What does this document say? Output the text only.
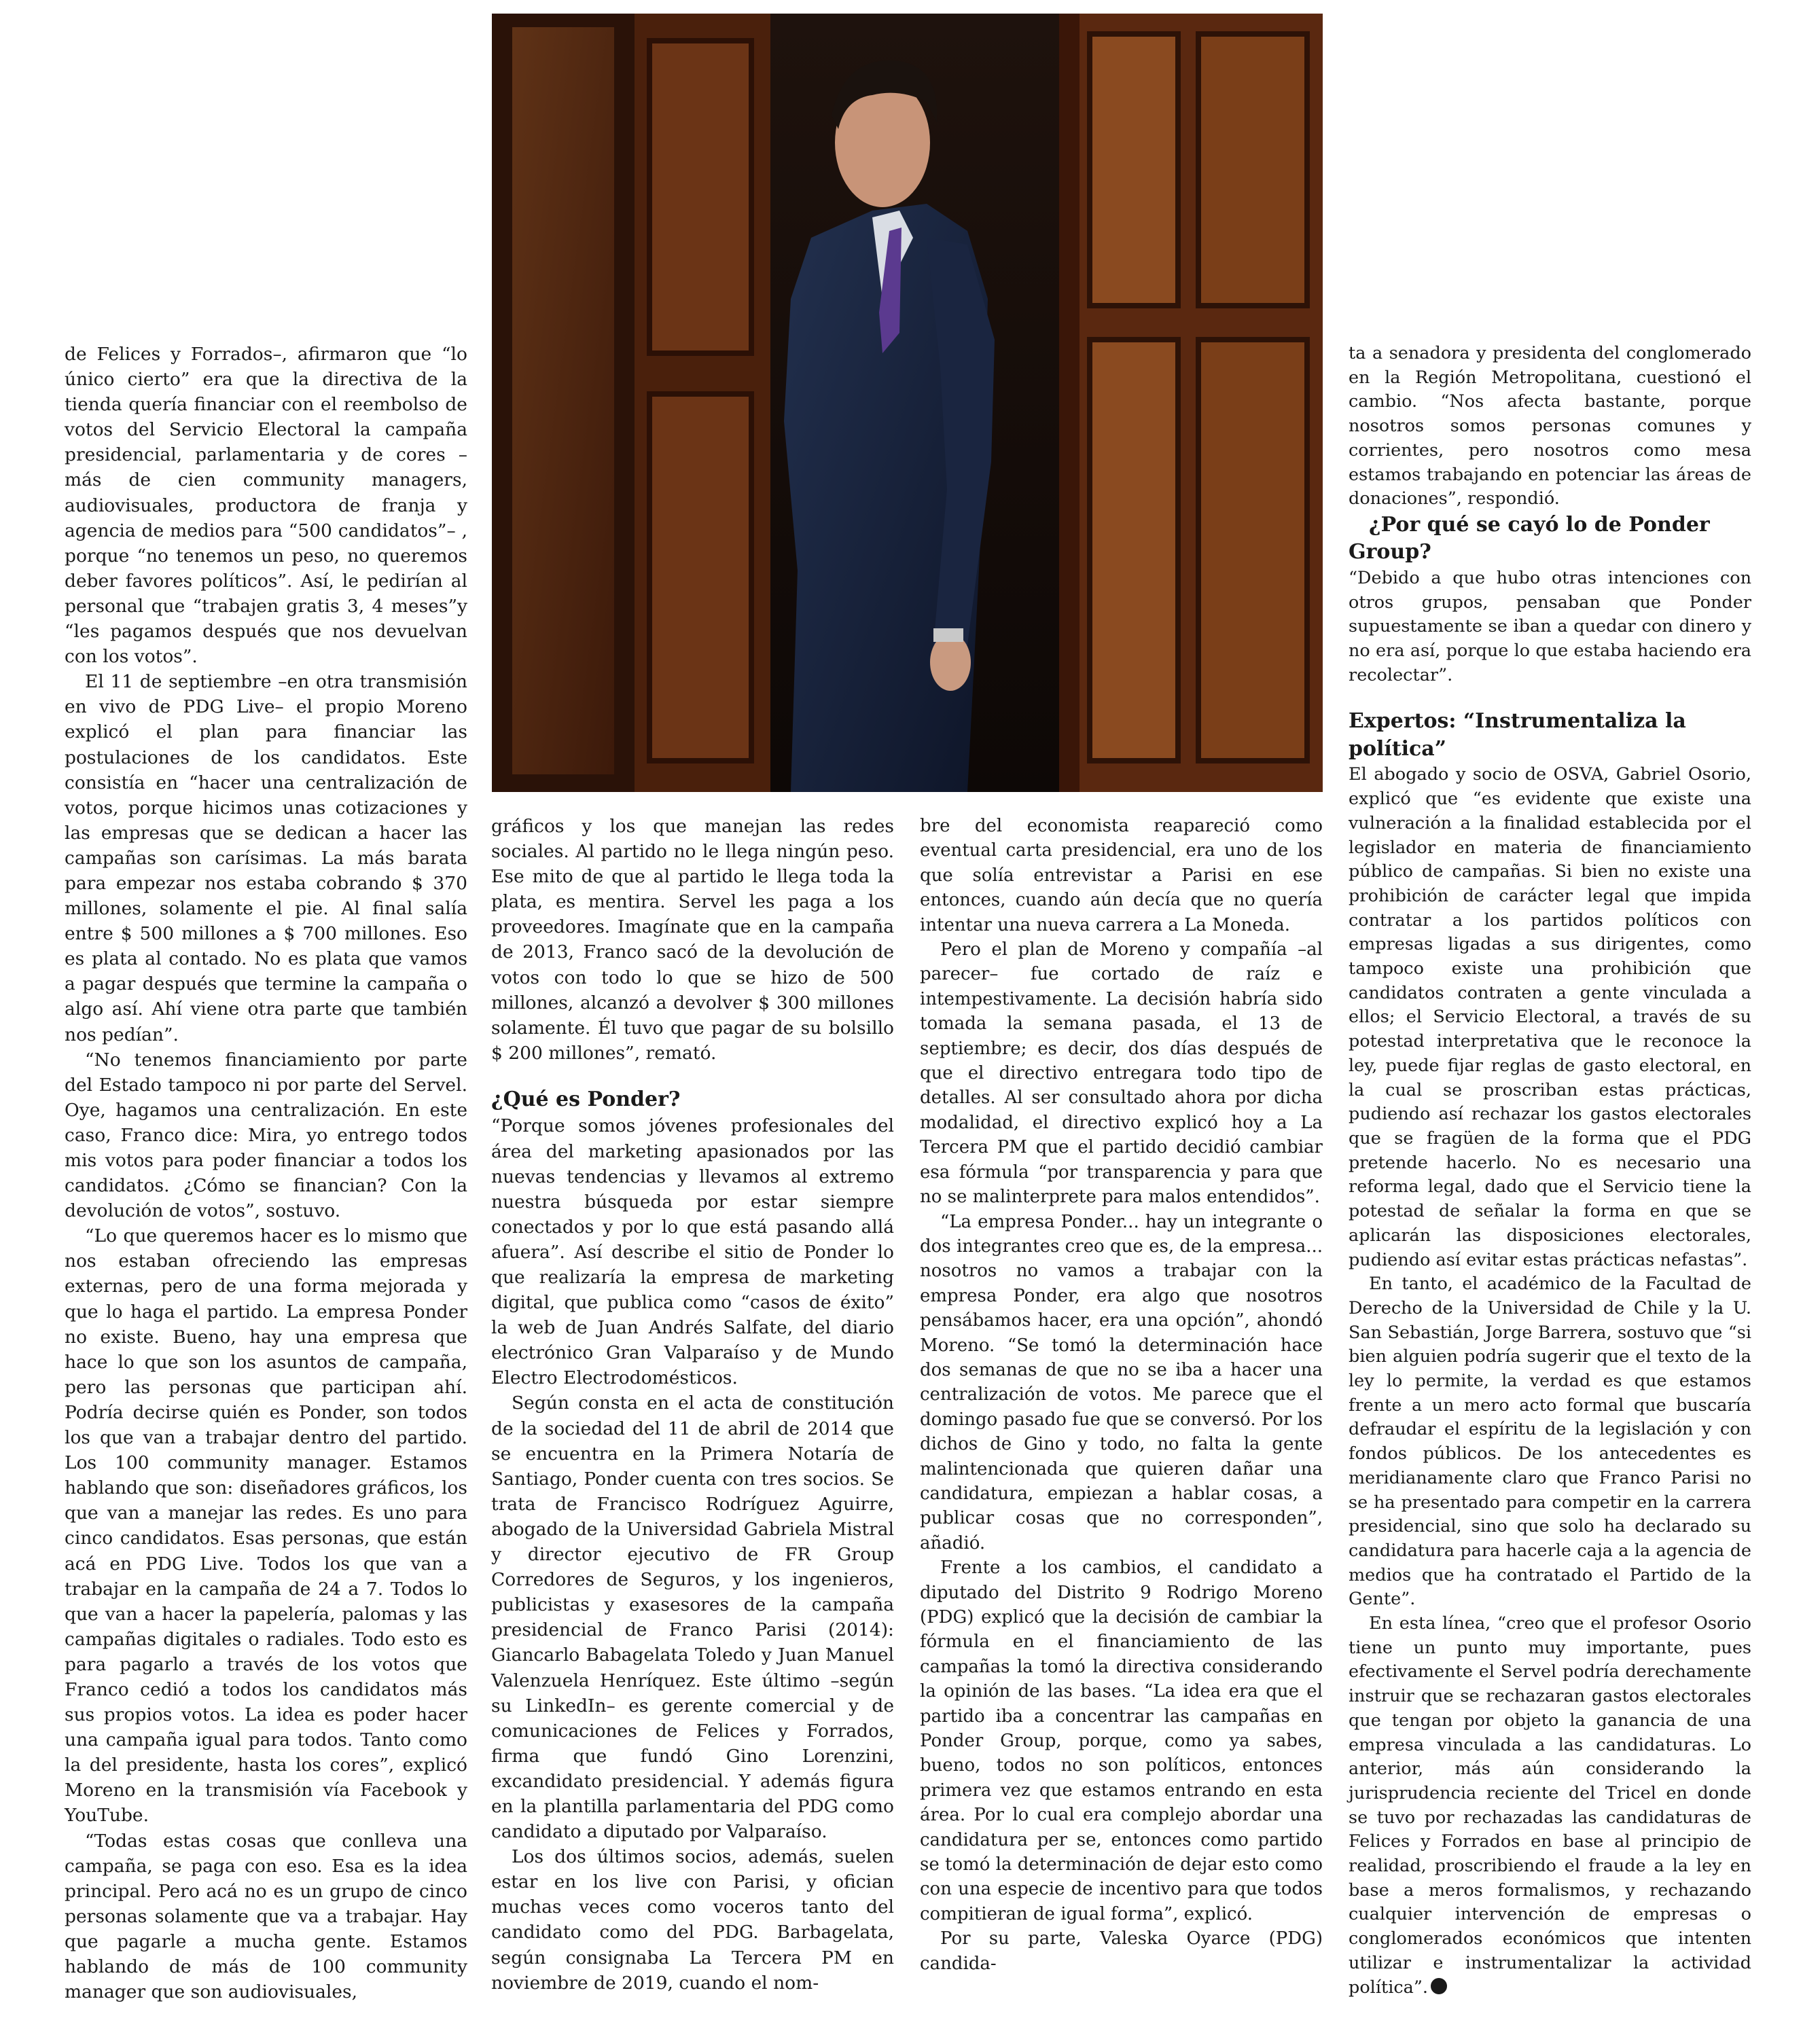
de Felices y Forrados–, afirmaron que “lo único cierto” era que la directiva de la tienda quería financiar con el reembolso de votos del Servicio Electoral la campaña presidencial, parlamentaria y de cores –más de cien community managers, audiovisuales, productora de franja y agencia de medios para “500 candidatos”– , porque “no tenemos un peso, no queremos deber favores políticos”. Así, le pedirían al personal que “trabajen gratis 3, 4 meses”y “les pagamos después que nos devuelvan con los votos”.

El 11 de septiembre –en otra transmisión en vivo de PDG Live– el propio Moreno explicó el plan para financiar las postulaciones de los candidatos. Este consistía en “hacer una centralización de votos, porque hicimos unas cotizaciones y las empresas que se dedican a hacer las campañas son carísimas. La más barata para empezar nos estaba cobrando $ 370 millones, solamente el pie. Al final salía entre $ 500 millones a $ 700 millones. Eso es plata al contado. No es plata que vamos a pagar después que termine la campaña o algo así. Ahí viene otra parte que también nos pedían”.

“No tenemos financiamiento por parte del Estado tampoco ni por parte del Servel. Oye, hagamos una centralización. En este caso, Franco dice: Mira, yo entrego todos mis votos para poder financiar a todos los candidatos. ¿Cómo se financian? Con la devolución de votos”, sostuvo.

“Lo que queremos hacer es lo mismo que nos estaban ofreciendo las empresas externas, pero de una forma mejorada y que lo haga el partido. La empresa Ponder no existe. Bueno, hay una empresa que hace lo que son los asuntos de campaña, pero las personas que participan ahí. Podría decirse quién es Ponder, son todos los que van a trabajar dentro del partido. Los 100 community manager. Estamos hablando que son: diseñadores gráficos, los que van a manejar las redes. Es uno para cinco candidatos. Esas personas, que están acá en PDG Live. Todos los que van a trabajar en la campaña de 24 a 7. Todos lo que van a hacer la papelería, palomas y las campañas digitales o radiales. Todo esto es para pagarlo a través de los votos que Franco cedió a todos los candidatos más sus propios votos. La idea es poder hacer una campaña igual para todos. Tanto como la del presidente, hasta los cores”, explicó Moreno en la transmisión vía Facebook y YouTube.

“Todas estas cosas que conlleva una campaña, se paga con eso. Esa es la idea principal. Pero acá no es un grupo de cinco personas solamente que va a trabajar. Hay que pagarle a mucha gente. Estamos hablando de más de 100 community manager que son audiovisuales,

gráficos y los que manejan las redes sociales. Al partido no le llega ningún peso. Ese mito de que al partido le llega toda la plata, es mentira. Servel les paga a los proveedores. Imagínate que en la campaña de 2013, Franco sacó de la devolución de votos con todo lo que se hizo de 500 millones, alcanzó a devolver $ 300 millones solamente. Él tuvo que pagar de su bolsillo $ 200 millones”, remató.

¿Qué es Ponder?

“Porque somos jóvenes profesionales del área del marketing apasionados por las nuevas tendencias y llevamos al extremo nuestra búsqueda por estar siempre conectados y por lo que está pasando allá afuera”. Así describe el sitio de Ponder lo que realizaría la empresa de marketing digital, que publica como “casos de éxito” la web de Juan Andrés Salfate, del diario electrónico Gran Valparaíso y de Mundo Electro Electrodomésticos.

Según consta en el acta de constitución de la sociedad del 11 de abril de 2014 que se encuentra en la Primera Notaría de Santiago, Ponder cuenta con tres socios. Se trata de Francisco Rodríguez Aguirre, abogado de la Universidad Gabriela Mistral y director ejecutivo de FR Group Corredores de Seguros, y los ingenieros, publicistas y exasesores de la campaña presidencial de Franco Parisi (2014): Giancarlo Babagelata Toledo y Juan Manuel Valenzuela Henríquez. Este último –según su LinkedIn– es gerente comercial y de comunicaciones de Felices y Forrados, firma que fundó Gino Lorenzini, excandidato presidencial. Y además figura en la plantilla parlamentaria del PDG como candidato a diputado por Valparaíso.

Los dos últimos socios, además, suelen estar en los live con Parisi, y ofician muchas veces como voceros tanto del candidato como del PDG. Barbagelata, según consignaba La Tercera PM en noviembre de 2019, cuando el nom-

bre del economista reapareció como eventual carta presidencial, era uno de los que solía entrevistar a Parisi en ese entonces, cuando aún decía que no quería intentar una nueva carrera a La Moneda.

Pero el plan de Moreno y compañía –al parecer– fue cortado de raíz e intempestivamente. La decisión habría sido tomada la semana pasada, el 13 de septiembre; es decir, dos días después de que el directivo entregara todo tipo de detalles. Al ser consultado ahora por dicha modalidad, el directivo explicó hoy a La Tercera PM que el partido decidió cambiar esa fórmula “por transparencia y para que no se malinterprete para malos entendidos”.

“La empresa Ponder... hay un integrante o dos integrantes creo que es, de la empresa... nosotros no vamos a trabajar con la empresa Ponder, era algo que nosotros pensábamos hacer, era una opción”, ahondó Moreno. “Se tomó la determinación hace dos semanas de que no se iba a hacer una centralización de votos. Me parece que el domingo pasado fue que se conversó. Por los dichos de Gino y todo, no falta la gente malintencionada que quieren dañar una candidatura, empiezan a hablar cosas, a publicar cosas que no corresponden”, añadió.

Frente a los cambios, el candidato a diputado del Distrito 9 Rodrigo Moreno (PDG) explicó que la decisión de cambiar la fórmula en el financiamiento de las campañas la tomó la directiva considerando la opinión de las bases. “La idea era que el partido iba a concentrar las campañas en Ponder Group, porque, como ya sabes, bueno, todos no son políticos, entonces primera vez que estamos entrando en esta área. Por lo cual era complejo abordar una candidatura per se, entonces como partido se tomó la determinación de dejar esto como con una especie de incentivo para que todos compitieran de igual forma”, explicó.

Por su parte, Valeska Oyarce (PDG) candida-

ta a senadora y presidenta del conglomerado en la Región Metropolitana, cuestionó el cambio. “Nos afecta bastante, porque nosotros somos personas comunes y corrientes, pero nosotros como mesa estamos trabajando en potenciar las áreas de donaciones”, respondió.

¿Por qué se cayó lo de Ponder Group?

“Debido a que hubo otras intenciones con otros grupos, pensaban que Ponder supuestamente se iban a quedar con dinero y no era así, porque lo que estaba haciendo era recolectar”.

Expertos: “Instrumentaliza la política”

El abogado y socio de OSVA, Gabriel Osorio, explicó que “es evidente que existe una vulneración a la finalidad establecida por el legislador en materia de financiamiento público de campañas. Si bien no existe una prohibición de carácter legal que impida contratar a los partidos políticos con empresas ligadas a sus dirigentes, como tampoco existe una prohibición que candidatos contraten a gente vinculada a ellos; el Servicio Electoral, a través de su potestad interpretativa que le reconoce la ley, puede fijar reglas de gasto electoral, en la cual se proscriban estas prácticas, pudiendo así rechazar los gastos electorales que se fragüen de la forma que el PDG pretende hacerlo. No es necesario una reforma legal, dado que el Servicio tiene la potestad de señalar la forma en que se aplicarán las disposiciones electorales, pudiendo así evitar estas prácticas nefastas”.

En tanto, el académico de la Facultad de Derecho de la Universidad de Chile y la U. San Sebastián, Jorge Barrera, sostuvo que “si bien alguien podría sugerir que el texto de la ley lo permite, la verdad es que estamos frente a un mero acto formal que buscaría defraudar el espíritu de la legislación y con fondos públicos. De los antecedentes es meridianamente claro que Franco Parisi no se ha presentado para competir en la carrera presidencial, sino que solo ha declarado su candidatura para hacerle caja a la agencia de medios que ha contratado el Partido de la Gente”.

En esta línea, “creo que el profesor Osorio tiene un punto muy importante, pues efectivamente el Servel podría derechamente instruir que se rechazaran gastos electorales que tengan por objeto la ganancia de una empresa vinculada a las candidaturas. Lo anterior, más aún considerando la jurisprudencia reciente del Tricel en donde se tuvo por rechazadas las candidaturas de Felices y Forrados en base al principio de realidad, proscribiendo el fraude a la ley en base a meros formalismos, y rechazando cualquier intervención de empresas o conglomerados económicos que intenten utilizar e instrumentalizar la actividad política”.
